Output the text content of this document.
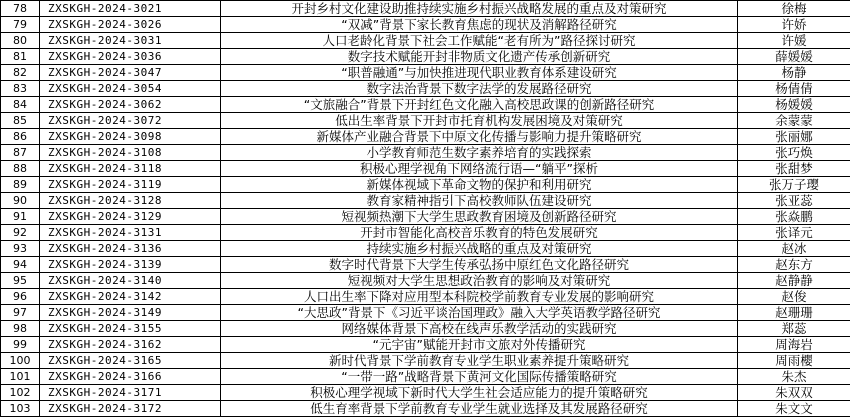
78	ZXSKGH-2024-3021	开封乡村文化建设助推持续实施乡村振兴战略发展的重点及对策研究	徐梅
79	ZXSKGH-2024-3026	“双减”背景下家长教育焦虑的现状及消解路径研究	许娇
80	ZXSKGH-2024-3031	人口老龄化背景下社会工作赋能“老有所为”路径探讨研究	许媛
81	ZXSKGH-2024-3036	数字技术赋能开封非物质文化遗产传承创新研究	薛媛媛
82	ZXSKGH-2024-3047	“职普融通”与加快推进现代职业教育体系建设研究	杨静
83	ZXSKGH-2024-3054	数字法治背景下数字法学的发展路径研究	杨倩倩
84	ZXSKGH-2024-3062	“文旅融合”背景下开封红色文化融入高校思政课的创新路径研究	杨媛媛
85	ZXSKGH-2024-3072	低出生率背景下开封市托育机构发展困境及对策研究	余蒙蒙
86	ZXSKGH-2024-3098	新媒体产业融合背景下中原文化传播与影响力提升策略研究	张丽娜
87	ZXSKGH-2024-3108	小学教育师范生数字素养培育的实践探索	张巧焕
88	ZXSKGH-2024-3118	积极心理学视角下网络流行语—“躺平”探析	张甜梦
89	ZXSKGH-2024-3119	新媒体视域下革命文物的保护和利用研究	张万子璎
90	ZXSKGH-2024-3128	教育家精神指引下高校教师队伍建设研究	张亚蕊
91	ZXSKGH-2024-3129	短视频热潮下大学生思政教育困境及创新路径研究	张焱鹏
92	ZXSKGH-2024-3131	开封市智能化高校音乐教育的特色发展研究	张译元
93	ZXSKGH-2024-3136	持续实施乡村振兴战略的重点及对策研究	赵冰
94	ZXSKGH-2024-3139	数字时代背景下大学生传承弘扬中原红色文化路径研究	赵东方
95	ZXSKGH-2024-3140	短视频对大学生思想政治教育的影响及对策研究	赵静静
96	ZXSKGH-2024-3142	人口出生率下降对应用型本科院校学前教育专业发展的影响研究	赵俊
97	ZXSKGH-2024-3149	“大思政”背景下《习近平谈治国理政》融入大学英语教学路径研究	赵珊珊
98	ZXSKGH-2024-3155	网络媒体背景下高校在线声乐教学活动的实践研究	郑蕊
99	ZXSKGH-2024-3162	“元宇宙”赋能开封市文旅对外传播研究	周海岩
100	ZXSKGH-2024-3165	新时代背景下学前教育专业学生职业素养提升策略研究	周雨櫻
101	ZXSKGH-2024-3166	“一带一路”战略背景下黄河文化国际传播策略研究	朱杰
102	ZXSKGH-2024-3171	积极心理学视域下新时代大学生社会适应能力的提升策略研究	朱双双
103	ZXSKGH-2024-3172	低生育率背景下学前教育专业学生就业选择及其发展路径研究	朱文文
